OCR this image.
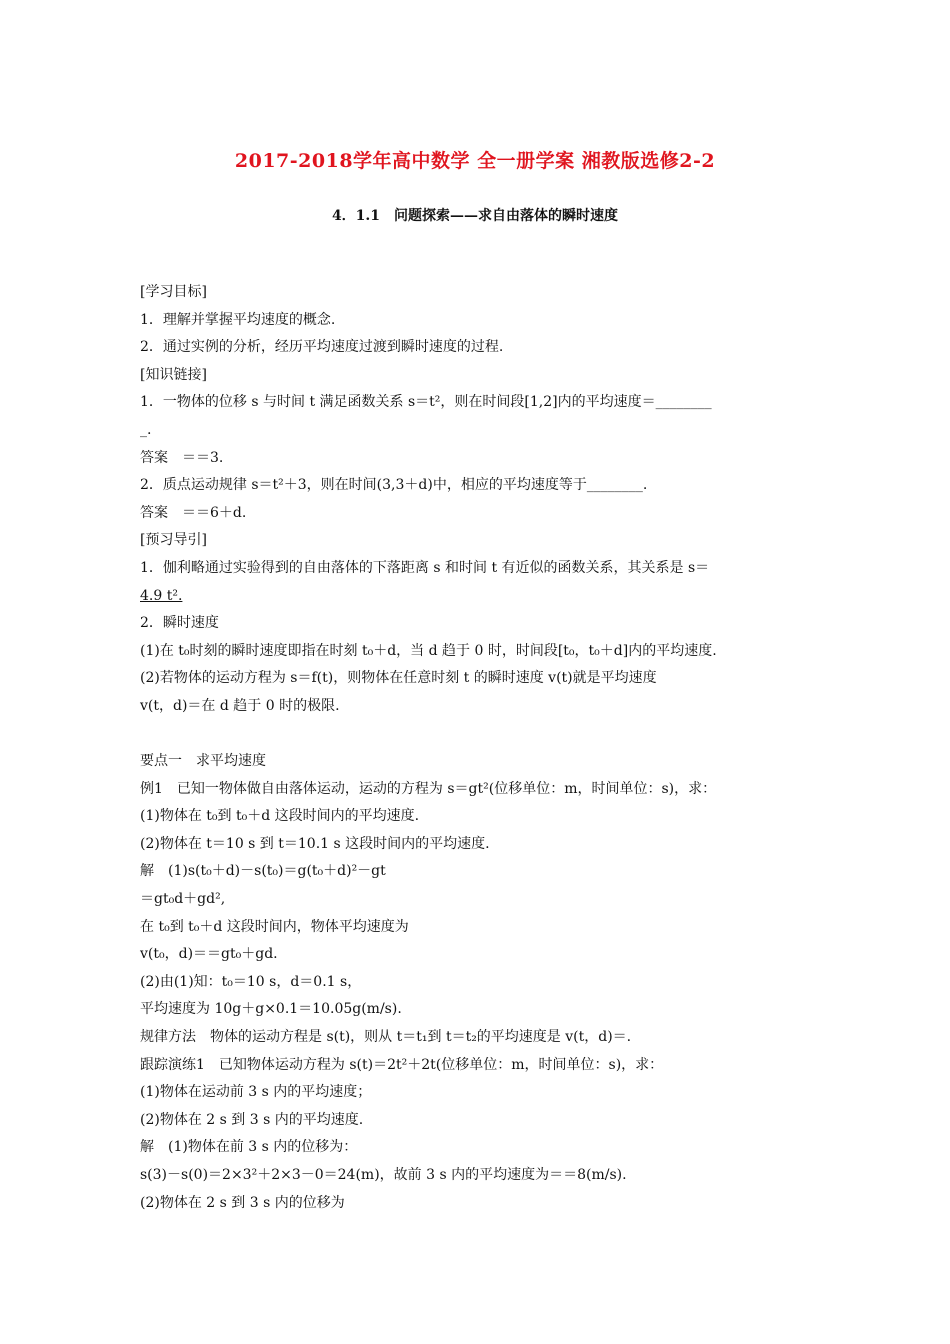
2017-2018学年高中数学 全一册学案 湘教版选修2-2
4．1.1　问题探索——求自由落体的瞬时速度
[学习目标]
1．理解并掌握平均速度的概念.
2．通过实例的分析，经历平均速度过渡到瞬时速度的过程.
[知识链接]
1．一物体的位移 s 与时间 t 满足函数关系 s＝t²，则在时间段[1,2]内的平均速度＝________
_.
答案　＝＝3.
2．质点运动规律 s＝t²＋3，则在时间(3,3＋d)中，相应的平均速度等于________.
答案　＝＝6＋d.
[预习导引]
1．伽利略通过实验得到的自由落体的下落距离 s 和时间 t 有近似的函数关系，其关系是 s＝
4.9 t².
2．瞬时速度
(1)在 t₀时刻的瞬时速度即指在时刻 t₀＋d，当 d 趋于 0 时，时间段[t₀，t₀＋d]内的平均速度.
(2)若物体的运动方程为 s＝f(t)，则物体在任意时刻 t 的瞬时速度 v(t)就是平均速度
v(t，d)＝在 d 趋于 0 时的极限.
要点一　求平均速度
例1　已知一物体做自由落体运动，运动的方程为 s＝gt²(位移单位：m，时间单位：s)，求：
(1)物体在 t₀到 t₀＋d 这段时间内的平均速度.
(2)物体在 t＝10 s 到 t＝10.1 s 这段时间内的平均速度.
解　(1)s(t₀＋d)－s(t₀)＝g(t₀＋d)²－gt
＝gt₀d＋gd²,
在 t₀到 t₀＋d 这段时间内，物体平均速度为
v(t₀，d)＝＝gt₀＋gd.
(2)由(1)知：t₀＝10 s，d＝0.1 s，
平均速度为 10g＋g×0.1＝10.05g(m/s).
规律方法　物体的运动方程是 s(t)，则从 t＝t₁到 t＝t₂的平均速度是 v(t，d)＝.
跟踪演练1　已知物体运动方程为 s(t)＝2t²＋2t(位移单位：m，时间单位：s)，求：
(1)物体在运动前 3 s 内的平均速度；
(2)物体在 2 s 到 3 s 内的平均速度.
解　(1)物体在前 3 s 内的位移为：
s(3)－s(0)＝2×3²＋2×3－0＝24(m)，故前 3 s 内的平均速度为＝＝8(m/s).
(2)物体在 2 s 到 3 s 内的位移为
